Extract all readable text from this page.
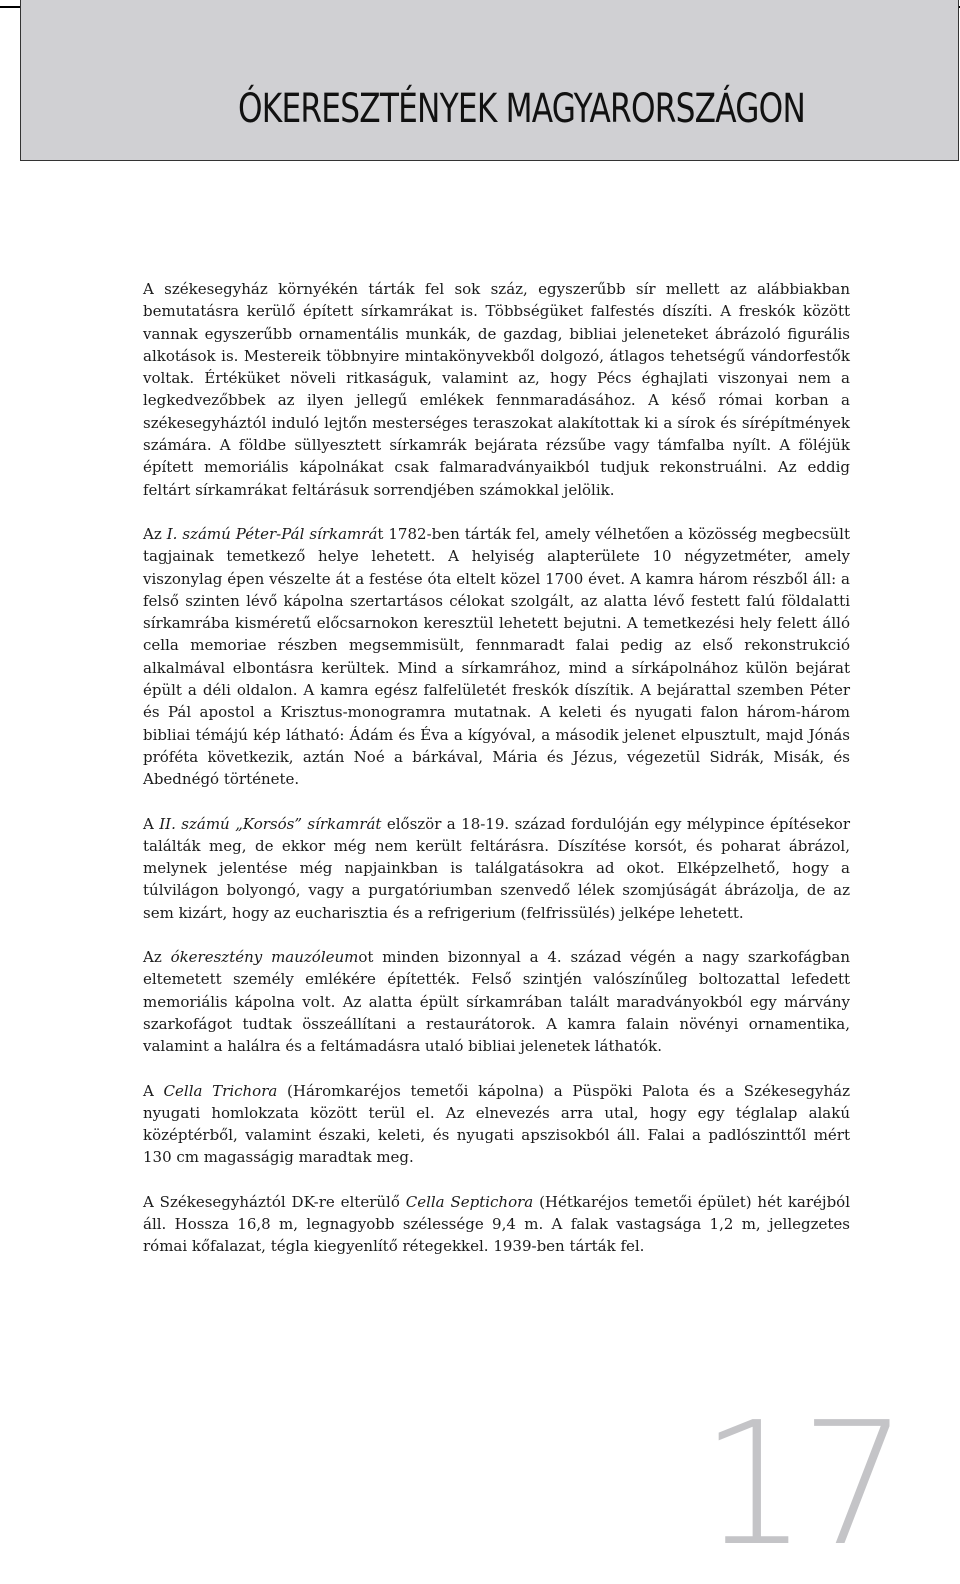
ÓKERESZTÉNYEK MAGYARORSZÁGON

A székesegyház környékén tárták fel sok száz, egyszerűbb sír mellett az alábbiakban bemutatásra kerülő épített sírkamrákat is. Többségüket falfestés díszíti. A freskók között vannak egyszerűbb ornamentális munkák, de gazdag, bibliai jeleneteket ábrázoló figurális alkotások is. Mestereik többnyire mintakönyvekből dolgozó, átlagos tehetségű vándorfestők voltak. Értéküket növeli ritkaságuk, valamint az, hogy Pécs éghajlati viszonyai nem a legkedvezőbbek az ilyen jellegű emlékek fennmaradásához. A késő római korban a székesegyháztól induló lejtőn mesterséges teraszokat alakítottak ki a sírok és sírépítmények számára. A földbe süllyesztett sírkamrák bejárata rézsűbe vagy támfalba nyílt. A föléjük épített memoriális kápolnákat csak falmaradványaikból tudjuk rekonstruálni. Az eddig feltárt sírkamrákat feltárásuk sorrendjében számokkal jelölik.

Az I. számú Péter-Pál sírkamrát 1782-ben tárták fel, amely vélhetően a közösség megbecsült tagjainak temetkező helye lehetett. A helyiség alapterülete 10 négyzetméter, amely viszonylag épen vészelte át a festése óta eltelt közel 1700 évet. A kamra három részből áll: a felső szinten lévő kápolna szertartásos célokat szolgált, az alatta lévő festett falú földalatti sírkamrába kisméretű előcsarnokon keresztül lehetett bejutni. A temetkezési hely felett álló cella memoriae részben megsemmisült, fennmaradt falai pedig az első rekonstrukció alkalmával elbontásra kerültek. Mind a sírkamrához, mind a sírkápolnához külön bejárat épült a déli oldalon. A kamra egész falfelületét freskók díszítik. A bejárattal szemben Péter és Pál apostol a Krisztus-monogramra mutatnak. A keleti és nyugati falon három-három bibliai témájú kép látható: Ádám és Éva a kígyóval, a második jelenet elpusztult, majd Jónás próféta következik, aztán Noé a bárkával, Mária és Jézus, végezetül Sidrák, Misák, és Abednégó története.

A II. számú „Korsós” sírkamrát először a 18-19. század fordulóján egy mélypince építésekor találták meg, de ekkor még nem került feltárásra. Díszítése korsót, és poharat ábrázol, melynek jelentése még napjainkban is találgatásokra ad okot. Elképzelhető, hogy a túlvilágon bolyongó, vagy a purgatóriumban szenvedő lélek szomjúságát ábrázolja, de az sem kizárt, hogy az eucharisztia és a refrigerium (felfrissülés) jelképe lehetett.

Az ókeresztény mauzóleumot minden bizonnyal a 4. század végén a nagy szarkofágban eltemetett személy emlékére építették. Felső szintjén valószínűleg boltozattal lefedett memoriális kápolna volt. Az alatta épült sírkamrában talált maradványokból egy márvány szarkofágot tudtak összeállítani a restaurátorok. A kamra falain növényi ornamentika, valamint a halálra és a feltámadásra utaló bibliai jelenetek láthatók.

A Cella Trichora (Háromkaréjos temetői kápolna) a Püspöki Palota és a Székesegyház nyugati homlokzata között terül el. Az elnevezés arra utal, hogy egy téglalap alakú középtérből, valamint északi, keleti, és nyugati apszisokból áll. Falai a padlószinttől mért 130 cm magasságig maradtak meg.

A Székesegyháztól DK-re elterülő Cella Septichora (Hétkaréjos temetői épület) hét karéjból áll. Hossza 16,8 m, legnagyobb szélessége 9,4 m. A falak vastagsága 1,2 m, jellegzetes római kőfalazat, tégla kiegyenlítő rétegekkel. 1939-ben tárták fel.

17
